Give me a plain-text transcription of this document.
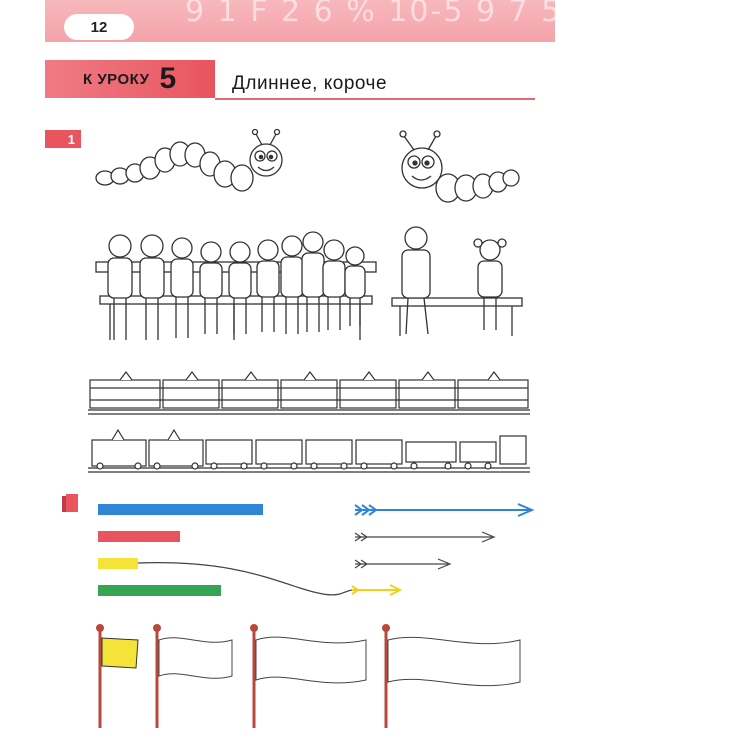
9 1 F 2 6 % 10-5 9 7 5 6-4=2 5 +
12
К УРОКУ 5	Длиннее, короче
1
